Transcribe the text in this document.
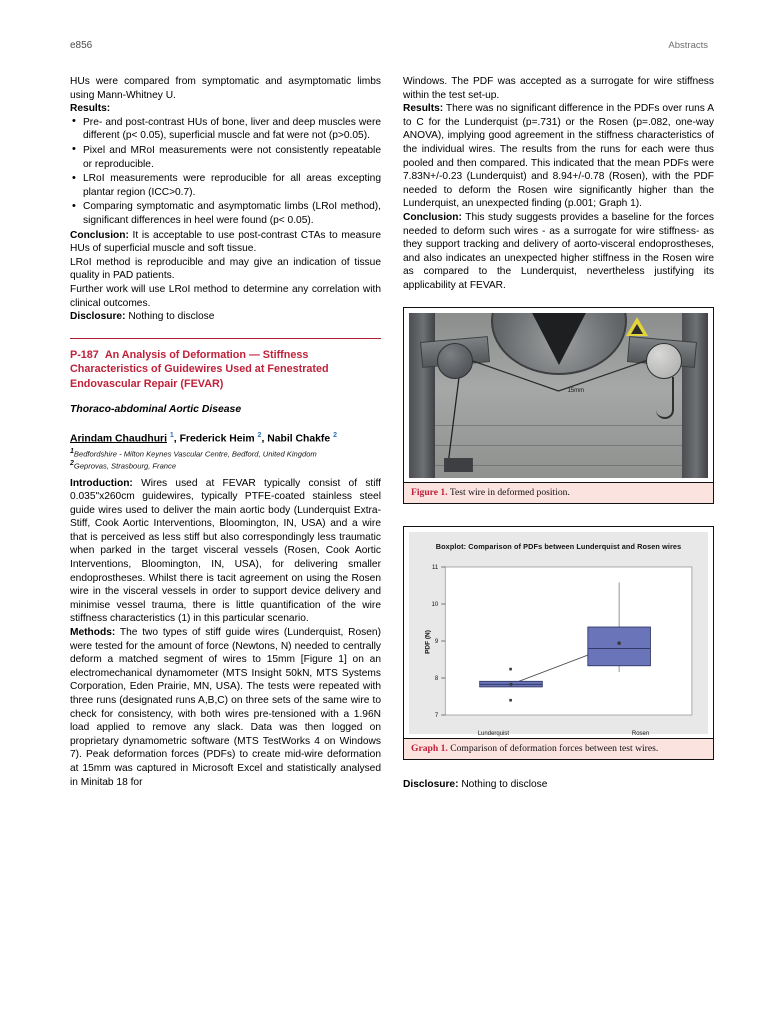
e856	Abstracts

HUs were compared from symptomatic and asymptomatic limbs using Mann-Whitney U.

Results:

• Pre- and post-contrast HUs of bone, liver and deep muscles were different (p< 0.05), superficial muscle and fat were not (p>0.05).
• Pixel and MRoI measurements were not consistently repeatable or reproducible.
• LRoI measurements were reproducible for all areas excepting plantar region (ICC>0.7).
• Comparing symptomatic and asymptomatic limbs (LRoI method), significant differences in heel were found (p< 0.05).

Conclusion: It is acceptable to use post-contrast CTAs to measure HUs of superficial muscle and soft tissue.

LRoI method is reproducible and may give an indication of tissue quality in PAD patients.

Further work will use LRoI method to determine any correlation with clinical outcomes.

Disclosure: Nothing to disclose

P-187 An Analysis of Deformation — Stiffness Characteristics of Guidewires Used at Fenestrated Endovascular Repair (FEVAR)

Thoraco-abdominal Aortic Disease

Arindam Chaudhuri $^1$, Frederick Heim $^2$, Nabil Chakfe $^2$

$^1$Bedfordshire - Milton Keynes Vascular Centre, Bedford, United Kingdom

$^2$Geprovas, Strasbourg, France

Introduction: Wires used at FEVAR typically consist of stiff 0.035"x260cm guidewires, typically PTFE-coated stainless steel guide wires used to deliver the main aortic body (Lunderquist Extra-Stiff, Cook Aortic Interventions, Bloomington, IN, USA) and a wire that is perceived as less stiff but also correspondingly less traumatic when parked in the target visceral vessels (Rosen, Cook Aortic Interventions, Bloomington, IN, USA), for delivering smaller endoprostheses. Whilst there is tacit agreement on using the Rosen wire in the visceral vessels in order to support device delivery and minimise vessel trauma, there is little quantification of the wire stiffness characteristics (1) in this particular scenario.

Methods: The two types of stiff guide wires (Lunderquist, Rosen) were tested for the amount of force (Newtons, N) needed to centrally deform a matched segment of wires to 15mm [Figure 1] on an electromechanical dynamometer (MTS Insight 50kN, MTS Systems Corporation, Eden Prairie, MN, USA). The tests were repeated with three runs (designated runs A,B,C) on three sets of the same wire to check for consistency, with both wires pre-tensioned with a 1.96N load applied to remove any slack. Data was then logged on proprietary dynamometric software (MTS TestWorks 4 on Windows 7). Peak deformation forces (PDFs) to create mid-wire deformation at 15mm was captured in Microsoft Excel and statistically analysed in Minitab 18 for

Windows. The PDF was accepted as a surrogate for wire stiffness within the test set-up.

Results: There was no significant difference in the PDFs over runs A to C for the Lunderquist (p=.731) or the Rosen (p=.082, one-way ANOVA), implying good agreement in the stiffness characteristics of the individual wires. The results from the runs for each were thus pooled and then compared. This indicated that the mean PDFs were 7.83N+/-0.23 (Lunderquist) and 8.94+/-0.78 (Rosen), with the PDF needed to deform the Rosen wire significantly higher than the Lunderquist, an unexpected finding (p.001; Graph 1).

Conclusion: This study suggests provides a baseline for the forces needed to deform such wires - as a surrogate for wire stiffness- as they support tracking and delivery of aorto-visceral endoprostheses, and also indicates an unexpected higher stiffness in the Rosen wire as compared to the Lunderquist, nevertheless justifying its applicability at FEVAR.

15mm
Figure 1. Test wire in deformed position.
Boxplot: Comparison of PDFs between Lunderquist and Rosen wires
PDF (N)
7
8
9
10
11
Lunderquist	Rosen
Graph 1. Comparison of deformation forces between test wires.

Disclosure: Nothing to disclose
